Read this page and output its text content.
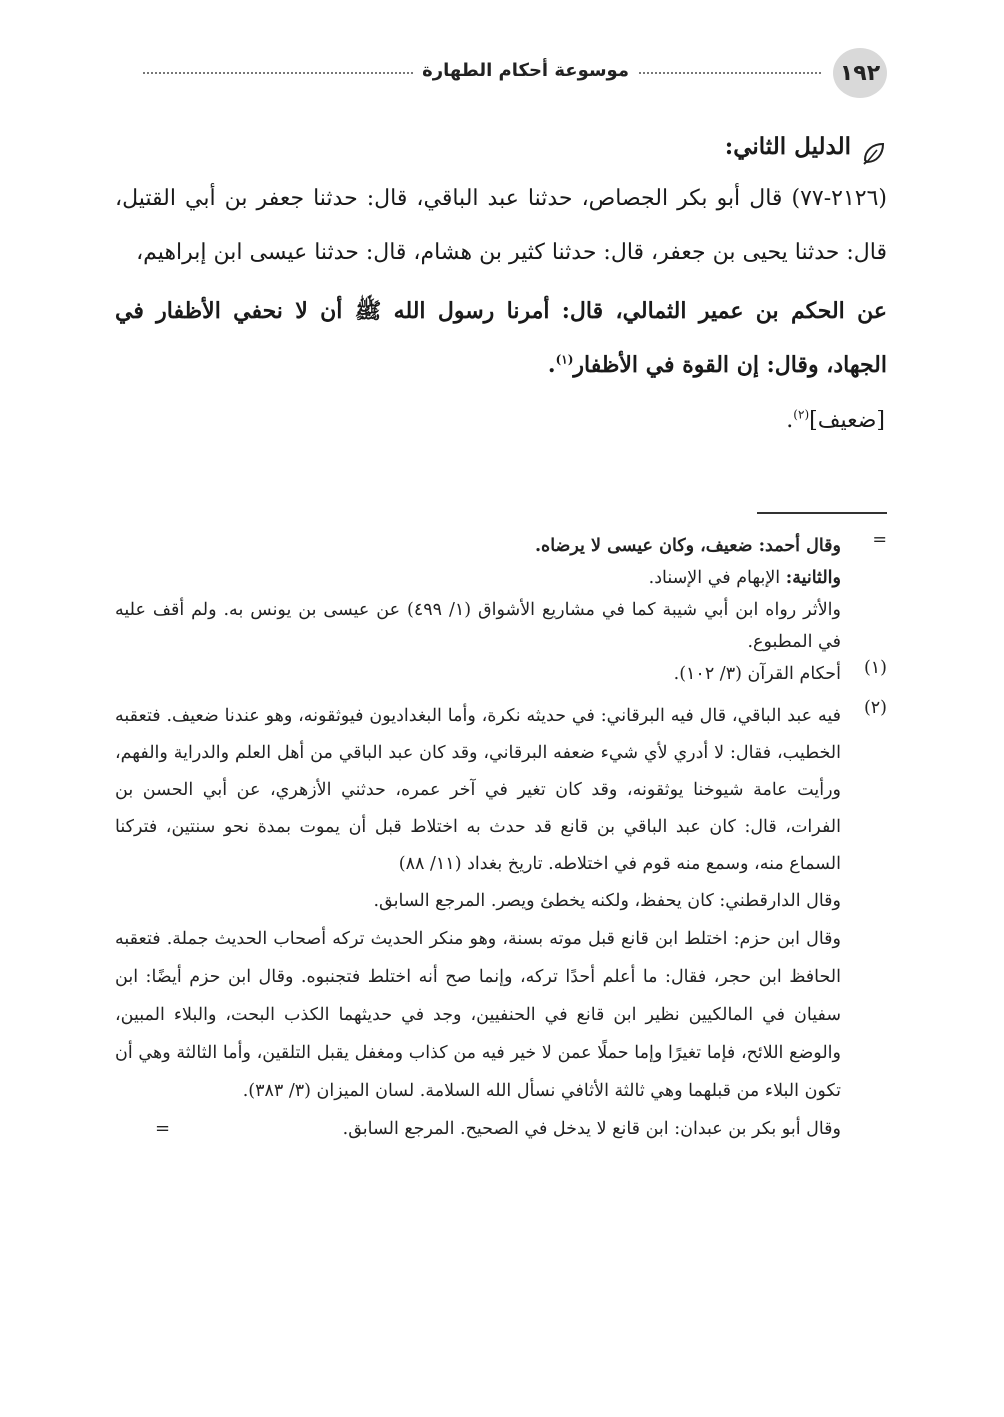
١٩٢
موسوعة أحكام الطهارة
الدليل الثاني:

(٢١٢٦-٧٧) قال أبو بكر الجصاص، حدثنا عبد الباقي، قال: حدثنا جعفر بن أبي القتيل، قال: حدثنا يحيى بن جعفر، قال: حدثنا كثير بن هشام، قال: حدثنا عيسى ابن إبراهيم،

عن الحكم بن عمير الثمالي، قال: أمرنا رسول الله ﷺ أن لا نحفي الأظفار في الجهاد، وقال: إن القوة في الأظفار$^{(١)}$.

[ضعيف]$^{(٢)}$.
=
وقال أحمد: ضعيف، وكان عيسى لا يرضاه.
والثانية: الإبهام في الإسناد.
والأثر رواه ابن أبي شيبة كما في مشاريع الأشواق (١/ ٤٩٩) عن عيسى بن يونس به. ولم أقف عليه في المطبوع.
(١)
أحكام القرآن (٣/ ١٠٢).
(٢)
فيه عبد الباقي، قال فيه البرقاني: في حديثه نكرة، وأما البغداديون فيوثقونه، وهو عندنا ضعيف. فتعقبه الخطيب، فقال: لا أدري لأي شيء ضعفه البرقاني، وقد كان عبد الباقي من أهل العلم والدراية والفهم، ورأيت عامة شيوخنا يوثقونه، وقد كان تغير في آخر عمره، حدثني الأزهري، عن أبي الحسن بن الفرات، قال: كان عبد الباقي بن قانع قد حدث به اختلاط قبل أن يموت بمدة نحو سنتين، فتركنا السماع منه، وسمع منه قوم في اختلاطه. تاريخ بغداد (١١/ ٨٨)
وقال الدارقطني: كان يحفظ، ولكنه يخطئ ويصر. المرجع السابق.
وقال ابن حزم: اختلط ابن قانع قبل موته بسنة، وهو منكر الحديث تركه أصحاب الحديث جملة. فتعقبه الحافظ ابن حجر، فقال: ما أعلم أحدًا تركه، وإنما صح أنه اختلط فتجنبوه. وقال ابن حزم أيضًا: ابن سفيان في المالكيين نظير ابن قانع في الحنفيين، وجد في حديثهما الكذب البحت، والبلاء المبين، والوضع اللائح، فإما تغيرًا وإما حملًا عمن لا خير فيه من كذاب ومغفل يقبل التلقين، وأما الثالثة وهي أن تكون البلاء من قبلهما وهي ثالثة الأثافي نسأل الله السلامة. لسان الميزان (٣/ ٣٨٣).
وقال أبو بكر بن عبدان: ابن قانع لا يدخل في الصحيح. المرجع السابق.
=
